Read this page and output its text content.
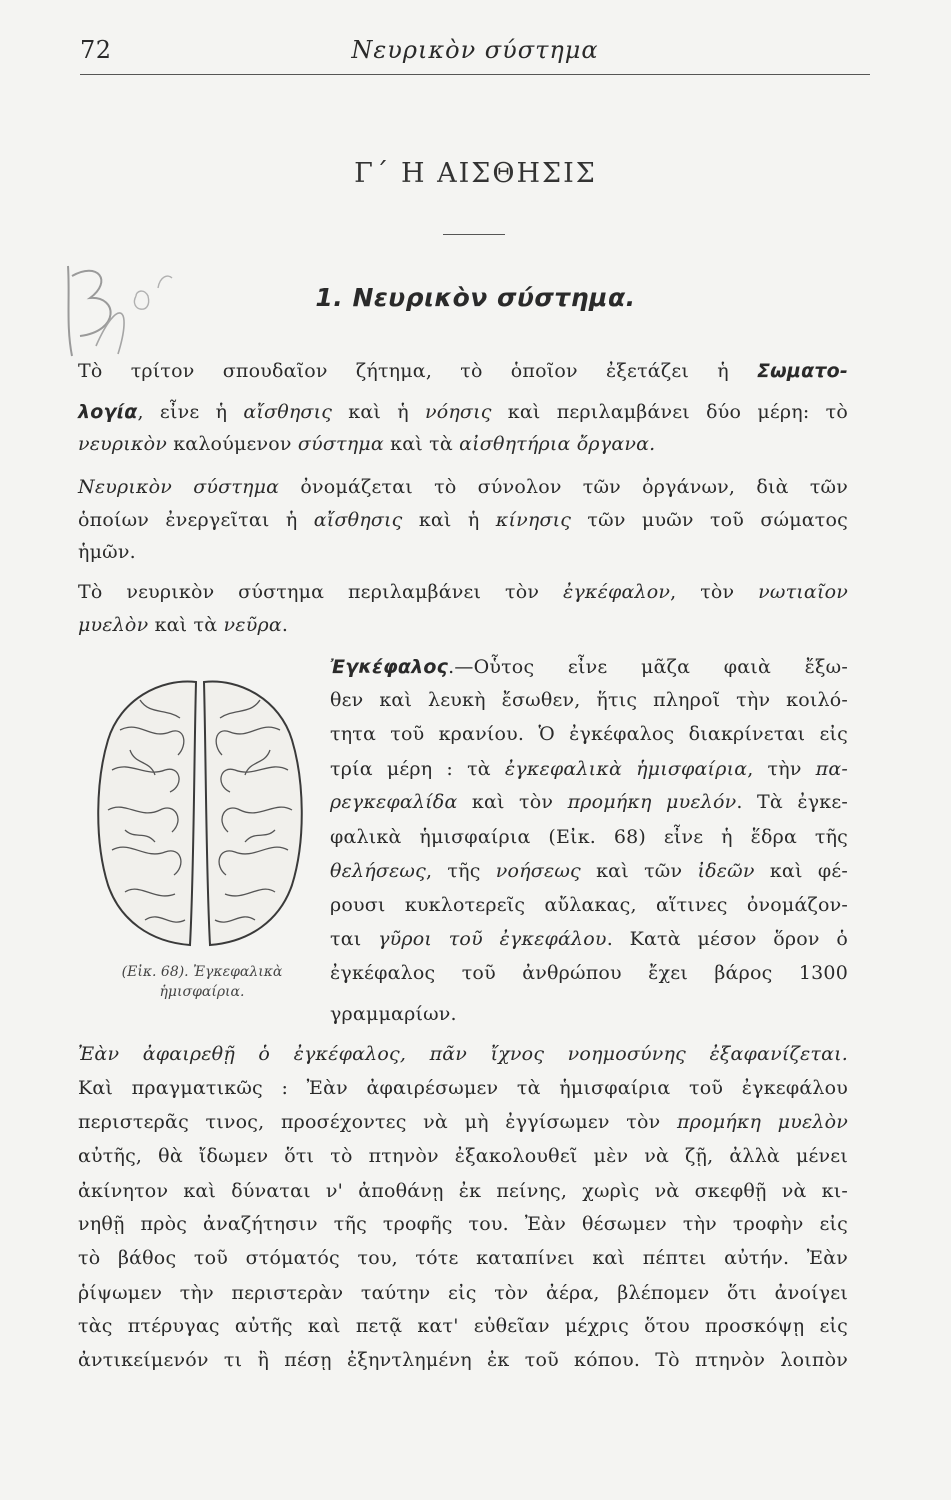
72	Νευρικὸν σύστημα
Γ΄ Η ΑΙΣΘΗΣΙΣ
1. Νευρικὸν σύστημα.
Τὸ τρίτον σπουδαῖον ζήτημα, τὸ ὁποῖον ἐξετάζει ἡ Σωματο-
λογία, εἶνε ἡ αἴσθησις καὶ ἡ νόησις καὶ περιλαμβάνει δύο μέρη: τὸ
νευρικὸν καλούμενον σύστημα καὶ τὰ αἰσθητήρια ὄργανα.
Νευρικὸν σύστημα ὀνομάζεται τὸ σύνολον τῶν ὀργάνων, διὰ τῶν
ὁποίων ἐνεργεῖται ἡ αἴσθησις καὶ ἡ κίνησις τῶν μυῶν τοῦ σώματος
ἡμῶν.
Τὸ νευρικὸν σύστημα περιλαμβάνει τὸν ἐγκέφαλον, τὸν νωτιαῖον
μυελὸν καὶ τὰ νεῦρα.
(Εἰκ. 68). Ἐγκεφαλικὰ
ἡμισφαίρια.
Ἐγκέφαλος.—Οὗτος εἶνε μᾶζα φαιὰ ἔξω-
θεν καὶ λευκὴ ἔσωθεν, ἥτις πληροῖ τὴν κοιλό-
τητα τοῦ κρανίου. Ὁ ἐγκέφαλος διακρίνεται εἰς
τρία μέρη : τὰ ἐγκεφαλικὰ ἡμισφαίρια, τὴν πα-
ρεγκεφαλίδα καὶ τὸν προμήκη μυελόν. Τὰ ἐγκε-
φαλικὰ ἡμισφαίρια (Εἰκ. 68) εἶνε ἡ ἕδρα τῆς
θελήσεως, τῆς νοήσεως καὶ τῶν ἰδεῶν καὶ φέ-
ρουσι κυκλοτερεῖς αὔλακας, αἵτινες ὀνομάζον-
ται γῦροι τοῦ ἐγκεφάλου. Κατὰ μέσον ὅρον ὁ
ἐγκέφαλος τοῦ ἀνθρώπου ἔχει βάρος 1300
γραμμαρίων.
Ἐὰν ἀφαιρεθῇ ὁ ἐγκέφαλος, πᾶν ἴχνος νοημοσύνης ἐξαφανίζεται.
Καὶ πραγματικῶς : Ἐὰν ἀφαιρέσωμεν τὰ ἡμισφαίρια τοῦ ἐγκεφάλου
περιστερᾶς τινος, προσέχοντες νὰ μὴ ἐγγίσωμεν τὸν προμήκη μυελὸν
αὐτῆς, θὰ ἴδωμεν ὅτι τὸ πτηνὸν ἐξακολουθεῖ μὲν νὰ ζῇ, ἀλλὰ μένει
ἀκίνητον καὶ δύναται ν' ἀποθάνῃ ἐκ πείνης, χωρὶς νὰ σκεφθῇ νὰ κι-
νηθῇ πρὸς ἀναζήτησιν τῆς τροφῆς του. Ἐὰν θέσωμεν τὴν τροφὴν εἰς
τὸ βάθος τοῦ στόματός του, τότε καταπίνει καὶ πέπτει αὐτήν. Ἐὰν
ῥίψωμεν τὴν περιστερὰν ταύτην εἰς τὸν ἀέρα, βλέπομεν ὅτι ἀνοίγει
τὰς πτέρυγας αὐτῆς καὶ πετᾷ κατ' εὐθεῖαν μέχρις ὅτου προσκόψῃ εἰς
ἀντικείμενόν τι ἢ πέσῃ ἐξηντλημένη ἐκ τοῦ κόπου. Τὸ πτηνὸν λοιπὸν
